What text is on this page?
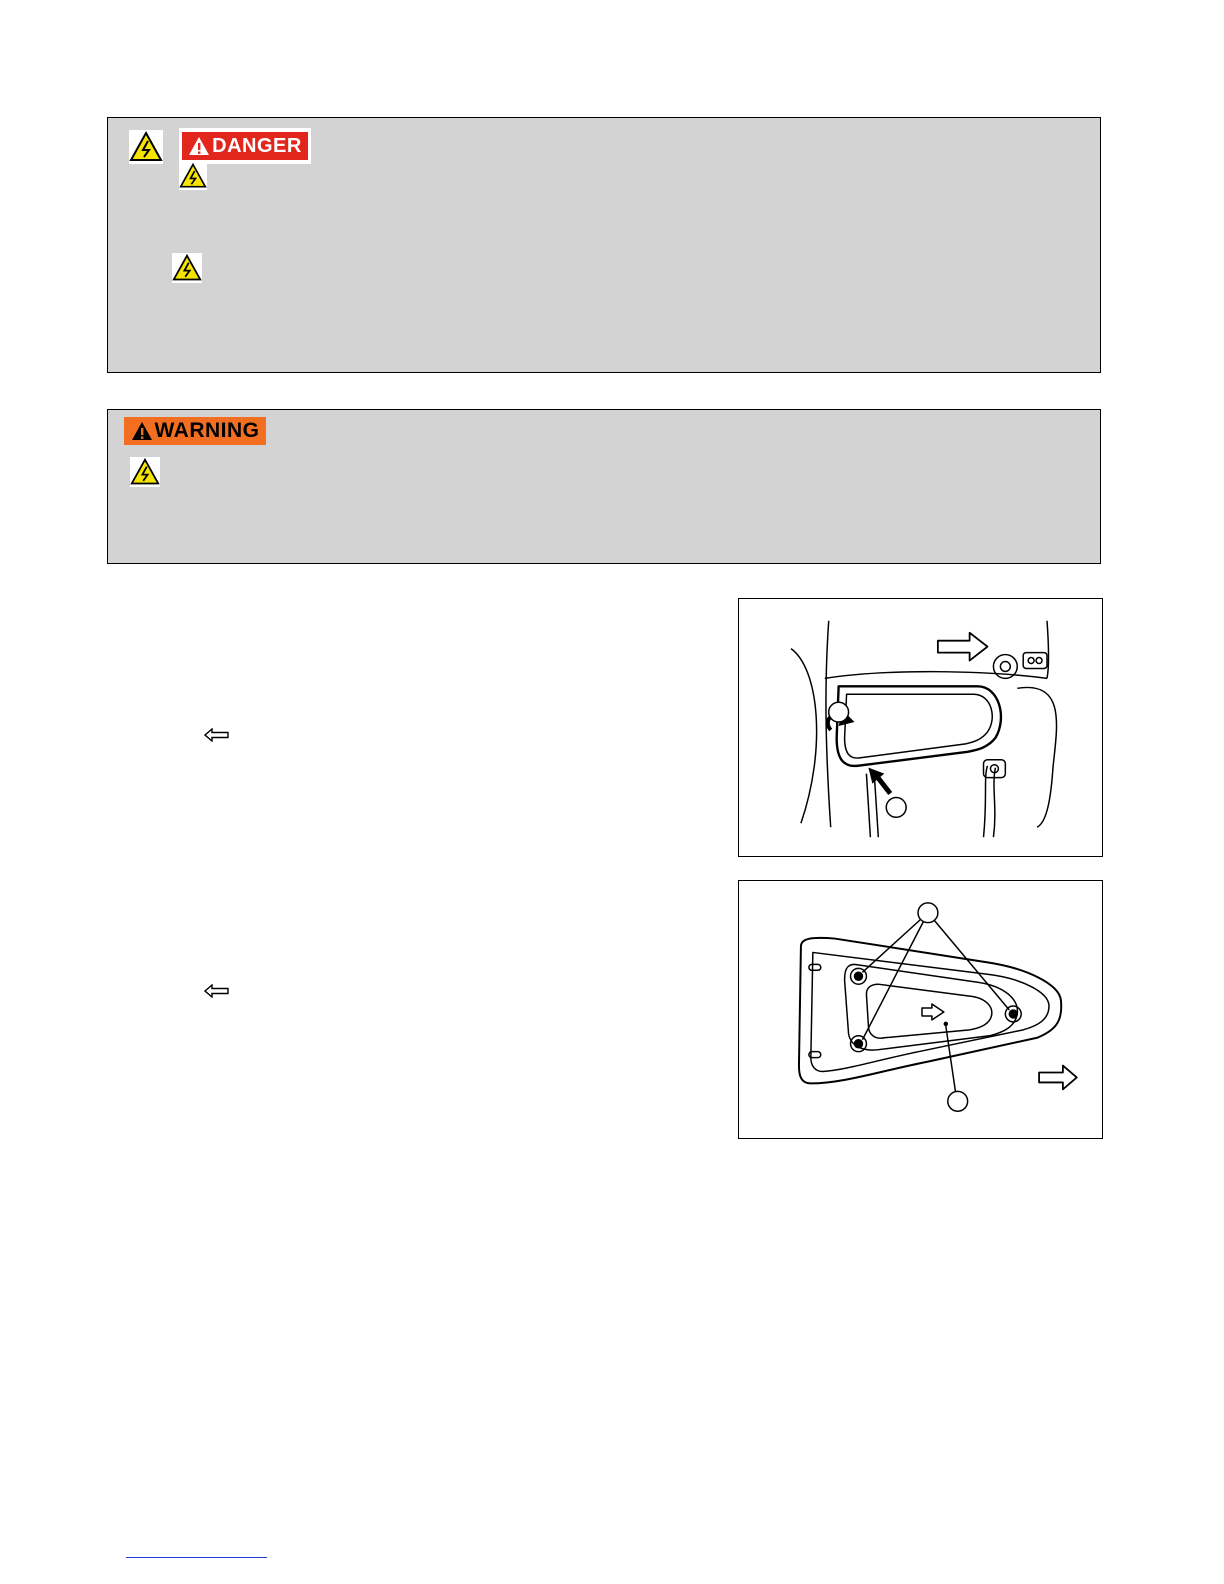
DANGER
WARNING
